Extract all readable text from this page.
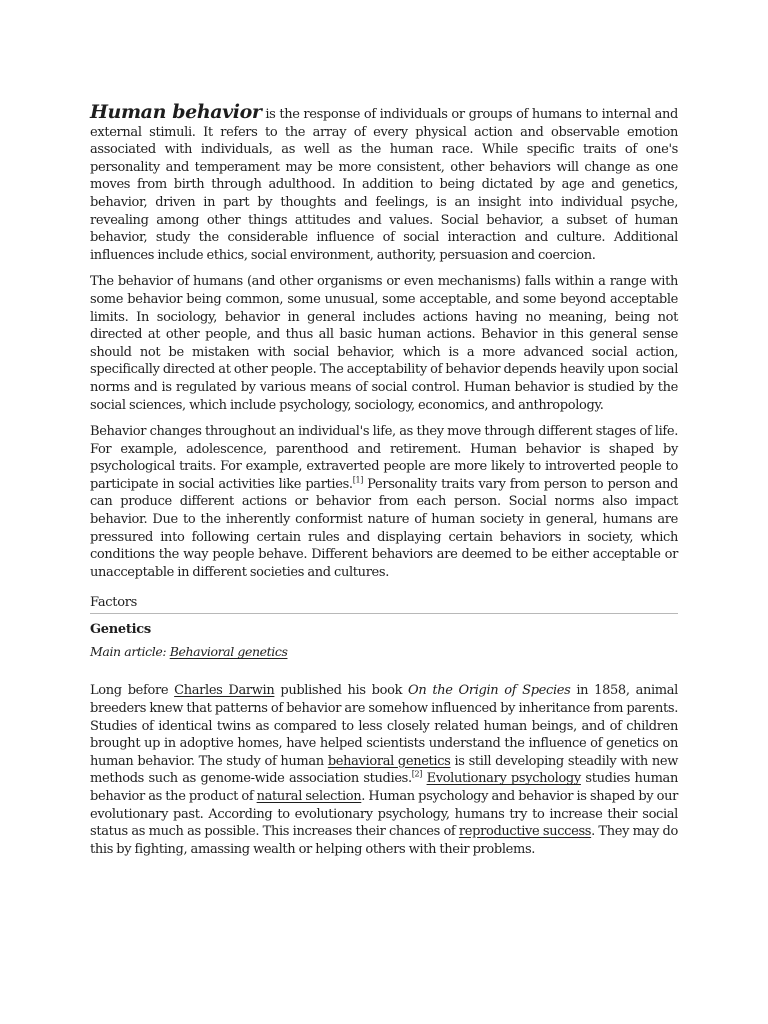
Human behavior is the response of individuals or groups of humans to internal and external stimuli. It refers to the array of every physical action and observable emotion associated with individuals, as well as the human race. While specific traits of one's personality and temperament may be more consistent, other behaviors will change as one moves from birth through adulthood. In addition to being dictated by age and genetics, behavior, driven in part by thoughts and feelings, is an insight into individual psyche, revealing among other things attitudes and values. Social behavior, a subset of human behavior, study the considerable influence of social interaction and culture. Additional influences include ethics, social environment, authority, persuasion and coercion.

The behavior of humans (and other organisms or even mechanisms) falls within a range with some behavior being common, some unusual, some acceptable, and some beyond acceptable limits. In sociology, behavior in general includes actions having no meaning, being not directed at other people, and thus all basic human actions. Behavior in this general sense should not be mistaken with social behavior, which is a more advanced social action, specifically directed at other people. The acceptability of behavior depends heavily upon social norms and is regulated by various means of social control. Human behavior is studied by the social sciences, which include psychology, sociology, economics, and anthropology.

Behavior changes throughout an individual's life, as they move through different stages of life. For example, adolescence, parenthood and retirement. Human behavior is shaped by psychological traits. For example, extraverted people are more likely to introverted people to participate in social activities like parties.[1] Personality traits vary from person to person and can produce different actions or behavior from each person. Social norms also impact behavior. Due to the inherently conformist nature of human society in general, humans are pressured into following certain rules and displaying certain behaviors in society, which conditions the way people behave. Different behaviors are deemed to be either acceptable or unacceptable in different societies and cultures.

Factors
Genetics
Main article: Behavioral genetics

Long before Charles Darwin published his book On the Origin of Species in 1858, animal breeders knew that patterns of behavior are somehow influenced by inheritance from parents. Studies of identical twins as compared to less closely related human beings, and of children brought up in adoptive homes, have helped scientists understand the influence of genetics on human behavior. The study of human behavioral genetics is still developing steadily with new methods such as genome-wide association studies.[2] Evolutionary psychology studies human behavior as the product of natural selection. Human psychology and behavior is shaped by our evolutionary past. According to evolutionary psychology, humans try to increase their social status as much as possible. This increases their chances of reproductive success. They may do this by fighting, amassing wealth or helping others with their problems.
